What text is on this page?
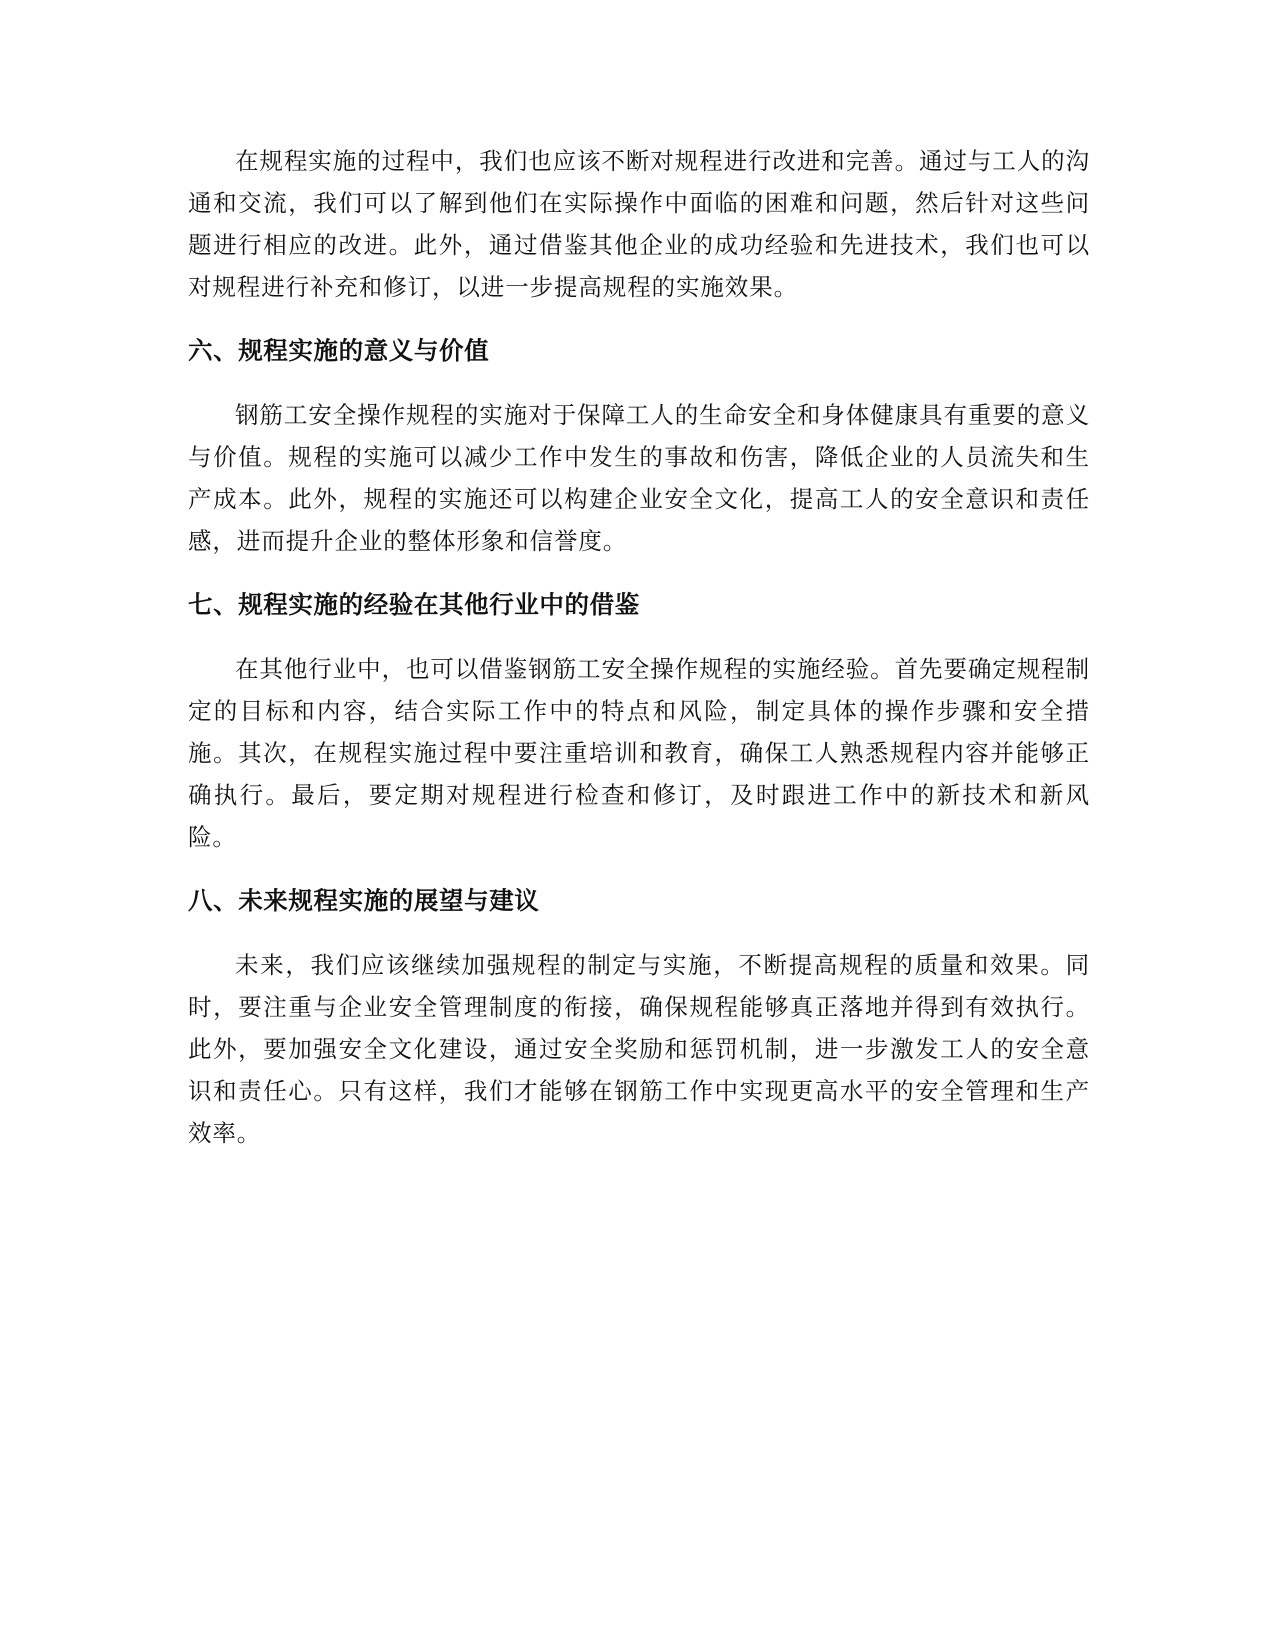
在规程实施的过程中，我们也应该不断对规程进行改进和完善。通过与工人的沟通和交流，我们可以了解到他们在实际操作中面临的困难和问题，然后针对这些问题进行相应的改进。此外，通过借鉴其他企业的成功经验和先进技术，我们也可以对规程进行补充和修订，以进一步提高规程的实施效果。

六、规程实施的意义与价值

钢筋工安全操作规程的实施对于保障工人的生命安全和身体健康具有重要的意义与价值。规程的实施可以减少工作中发生的事故和伤害，降低企业的人员流失和生产成本。此外，规程的实施还可以构建企业安全文化，提高工人的安全意识和责任感，进而提升企业的整体形象和信誉度。

七、规程实施的经验在其他行业中的借鉴

在其他行业中，也可以借鉴钢筋工安全操作规程的实施经验。首先要确定规程制定的目标和内容，结合实际工作中的特点和风险，制定具体的操作步骤和安全措施。其次，在规程实施过程中要注重培训和教育，确保工人熟悉规程内容并能够正确执行。最后，要定期对规程进行检查和修订，及时跟进工作中的新技术和新风险。

八、未来规程实施的展望与建议

未来，我们应该继续加强规程的制定与实施，不断提高规程的质量和效果。同时，要注重与企业安全管理制度的衔接，确保规程能够真正落地并得到有效执行。此外，要加强安全文化建设，通过安全奖励和惩罚机制，进一步激发工人的安全意识和责任心。只有这样，我们才能够在钢筋工作中实现更高水平的安全管理和生产效率。
